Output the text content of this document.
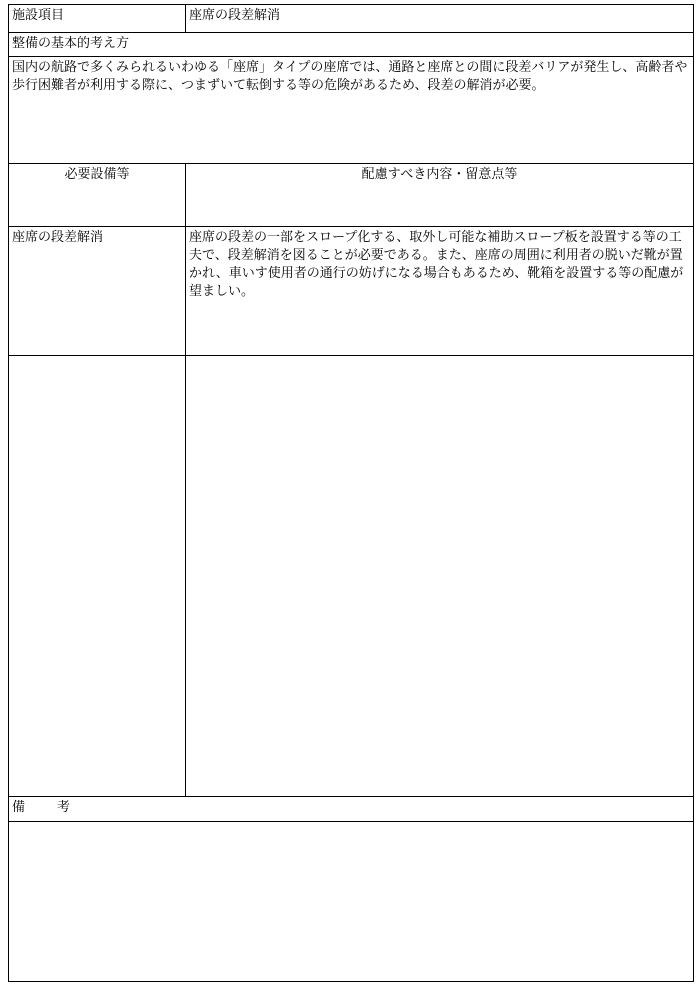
施設項目	座席の段差解消
整備の基本的考え方
国内の航路で多くみられるいわゆる「座席」タイプの座席では、通路と座席との間に段差バリアが発生し、高齢者や歩行困難者が利用する際に、つまずいて転倒する等の危険があるため、段差の解消が必要。
必要設備等	配慮すべき内容・留意点等
座席の段差解消	座席の段差の一部をスロープ化する、取外し可能な補助スロープ板を設置する等の工夫で、段差解消を図ることが必要である。また、座席の周囲に利用者の脱いだ靴が置かれ、車いす使用者の通行の妨げになる場合もあるため、靴箱を設置する等の配慮が望ましい。
備 考
